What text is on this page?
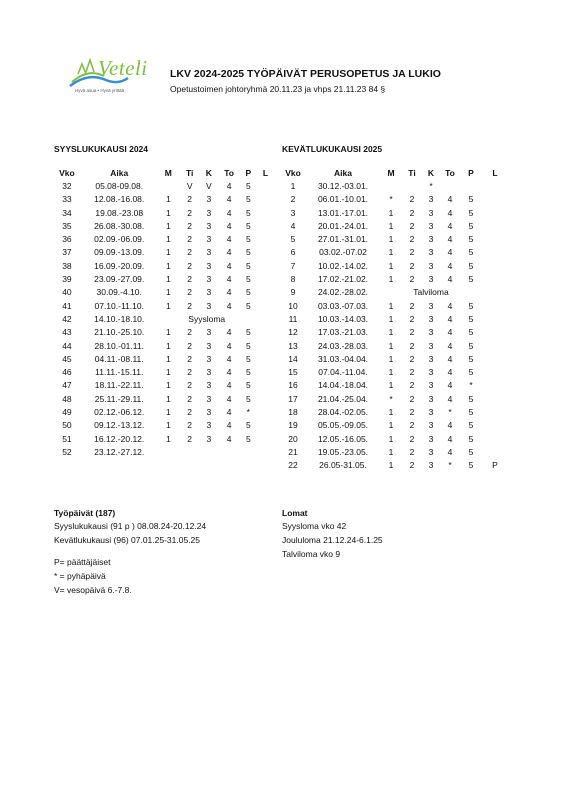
Veteli
Hyvä asua • Hyvä yrittää
LKV 2024-2025 TYÖPÄIVÄT PERUSOPETUS JA LUKIO
Opetustoimen johtoryhmä 20.11.23 ja vhps 21.11.23 84 §
SYYSLUKUKAUSI 2024	KEVÄTLUKUKAUSI 2025
Vko	Aika	M	Ti	K	To	P	L
32	05.08-09.08.		V	V	4	5	
33	12.08.-16.08.	1	2	3	4	5	
34	19.08.-23.08	1	2	3	4	5	
35	26.08.-30.08.	1	2	3	4	5	
36	02.09.-06.09.	1	2	3	4	5	
37	09.09.-13.09.	1	2	3	4	5	
38	16.09.-20.09.	1	2	3	4	5	
39	23.09.-27.09.	1	2	3	4	5	
40	30.09.-4.10.	1	2	3	4	5	
41	07.10.-11.10.	1	2	3	4	5	
42	14.10.-18.10.	Syysloma					
43	21.10.-25.10.	1	2	3	4	5	
44	28.10.-01.11.	1	2	3	4	5	
45	04.11.-08.11.	1	2	3	4	5	
46	11.11.-15.11.	1	2	3	4	5	
47	18.11.-22.11.	1	2	3	4	5	
48	25.11.-29.11.	1	2	3	4	5	
49	02.12.-06.12.	1	2	3	4	*	
50	09.12.-13.12.	1	2	3	4	5	
51	16.12.-20.12.	1	2	3	4	5	
52	23.12.-27.12.						
Vko	Aika	M	Ti	K	To	P	L
1	30.12.-03.01.			*			
2	06.01.-10.01.	*	2	3	4	5	
3	13.01.-17.01.	1	2	3	4	5	
4	20.01.-24.01.	1	2	3	4	5	
5	27.01.-31.01.	1	2	3	4	5	
6	03.02.-07.02	1	2	3	4	5	
7	10.02.-14.02.	1	2	3	4	5	
8	17.02.-21.02.	1	2	3	4	5	
9	24.02.-28.02.	Talviloma					
10	03.03.-07.03.	1	2	3	4	5	
11	10.03.-14.03.	1	2	3	4	5	
12	17.03.-21.03.	1	2	3	4	5	
13	24.03.-28.03.	1	2	3	4	5	
14	31.03.-04.04.	1	2	3	4	5	
15	07.04.-11.04.	1	2	3	4	5	
16	14.04.-18.04.	1	2	3	4	*	
17	21.04.-25.04.	*	2	3	4	5	
18	28.04.-02.05.	1	2	3	*	5	
19	05.05.-09.05.	1	2	3	4	5	
20	12.05.-16.05.	1	2	3	4	5	
21	19.05.-23.05.	1	2	3	4	5	
22	26.05-31.05.	1	2	3	*	5	P
Työpäivät (187)
Syyslukukausi (91 p ) 08.08.24-20.12.24
Kevätlukukausi (96) 07.01.25-31.05.25
P= päättäjäiset
* = pyhäpäivä
V= vesopäivä 6.-7.8.
Lomat
Syysloma vko 42
Joululoma 21.12.24-6.1.25
Talviloma vko 9
